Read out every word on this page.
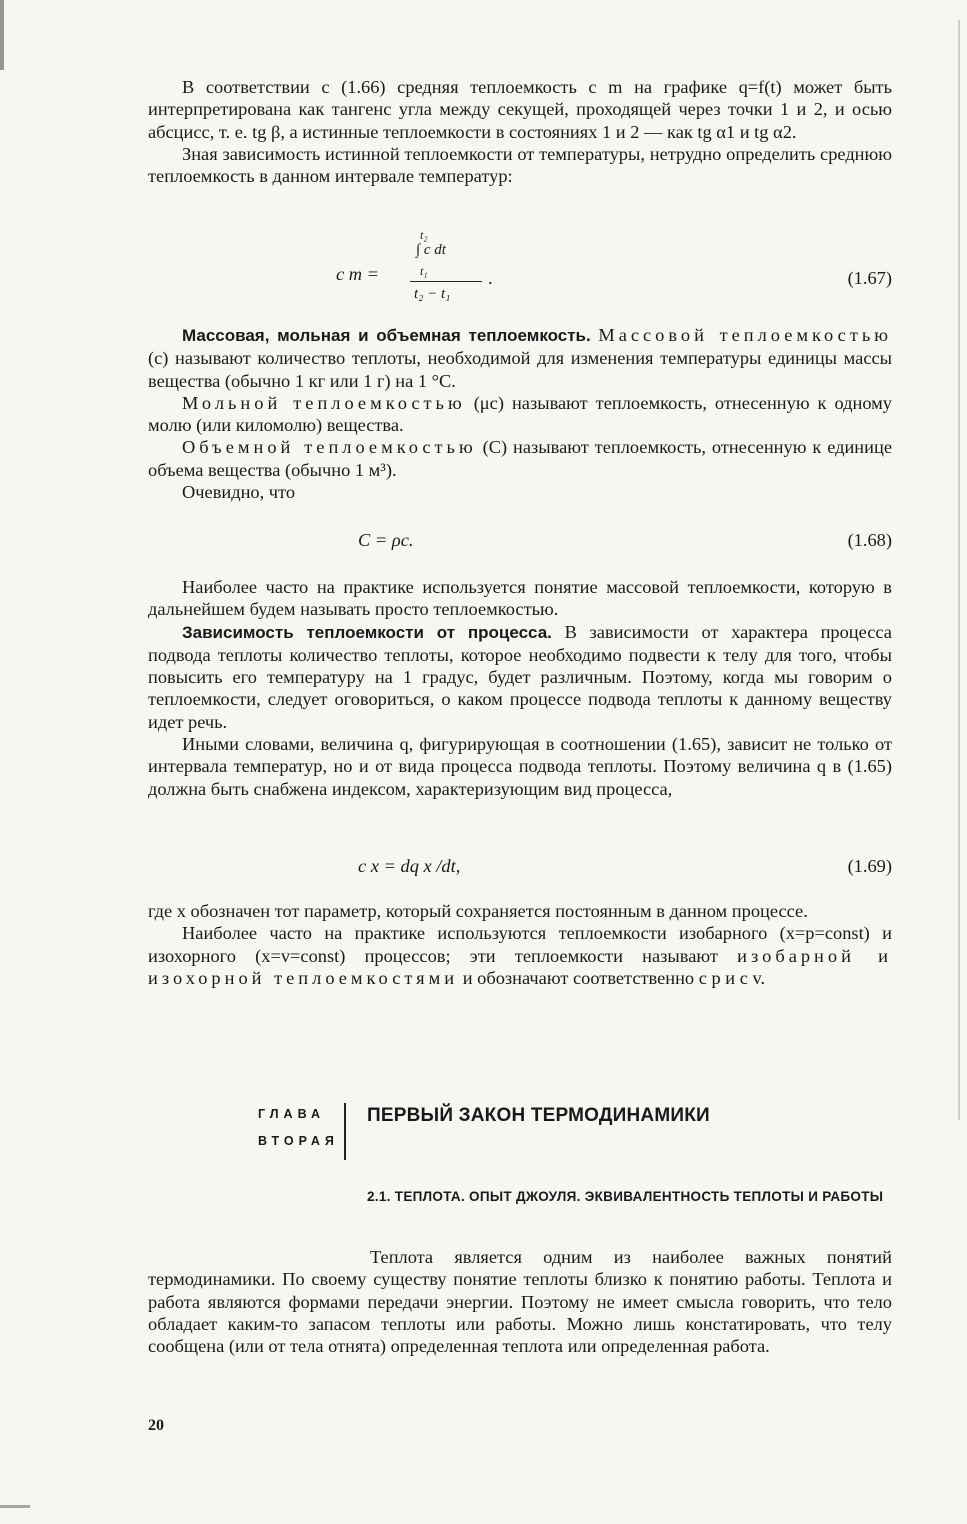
В соответствии с (1.66) средняя теплоемкость c m на графике q=f(t) может быть интерпретирована как тангенс угла между секущей, проходящей через точки 1 и 2, и осью абсцисс, т. е. tg β, а истинные теплоемкости в состояниях 1 и 2 — как tg α1 и tg α2.

Зная зависимость истинной теплоемкости от температуры, нетрудно определить среднюю теплоемкость в данном интервале температур:

c m =
t₂
∫ c dt
t₁
t₂ − t₁
.	(1.67)

Массовая, мольная и объемная теплоемкость. Массовой теплоемкостью (c) называют количество теплоты, необходимой для изменения температуры единицы массы вещества (обычно 1 кг или 1 г) на 1 °С.

Мольной теплоемкостью (μc) называют теплоемкость, отнесенную к одному молю (или киломолю) вещества.

Объемной теплоемкостью (C) называют теплоемкость, отнесенную к единице объема вещества (обычно 1 м³).

Очевидно, что

C = ρc.	(1.68)

Наиболее часто на практике используется понятие массовой теплоемкости, которую в дальнейшем будем называть просто теплоемкостью.

Зависимость теплоемкости от процесса. В зависимости от характера процесса подвода теплоты количество теплоты, которое необходимо подвести к телу для того, чтобы повысить его температуру на 1 градус, будет различным. Поэтому, когда мы говорим о теплоемкости, следует оговориться, о каком процессе подвода теплоты к данному веществу идет речь.

Иными словами, величина q, фигурирующая в соотношении (1.65), зависит не только от интервала температур, но и от вида процесса подвода теплоты. Поэтому величина q в (1.65) должна быть снабжена индексом, характеризующим вид процесса,

c x = dq x /dt,	(1.69)

где x обозначен тот параметр, который сохраняется постоянным в данном процессе.

Наиболее часто на практике используются теплоемкости изобарного (x=p=const) и изохорного (x=v=const) процессов; эти теплоемкости называют изобарной и изохорной теплоемкостями и обозначают соответственно c p и c v.

ГЛАВА
ВТОРАЯ
ПЕРВЫЙ ЗАКОН ТЕРМОДИНАМИКИ
2.1. ТЕПЛОТА. ОПЫТ ДЖОУЛЯ. ЭКВИВАЛЕНТНОСТЬ ТЕПЛОТЫ И РАБОТЫ

Теплота является одним из наиболее важных понятий термодинамики. По своему существу понятие теплоты близко к понятию работы. Теплота и работа являются формами передачи энергии. Поэтому не имеет смысла говорить, что тело обладает каким-то запасом теплоты или работы. Можно лишь констатировать, что телу сообщена (или от тела отнята) определенная теплота или определенная работа.

20
